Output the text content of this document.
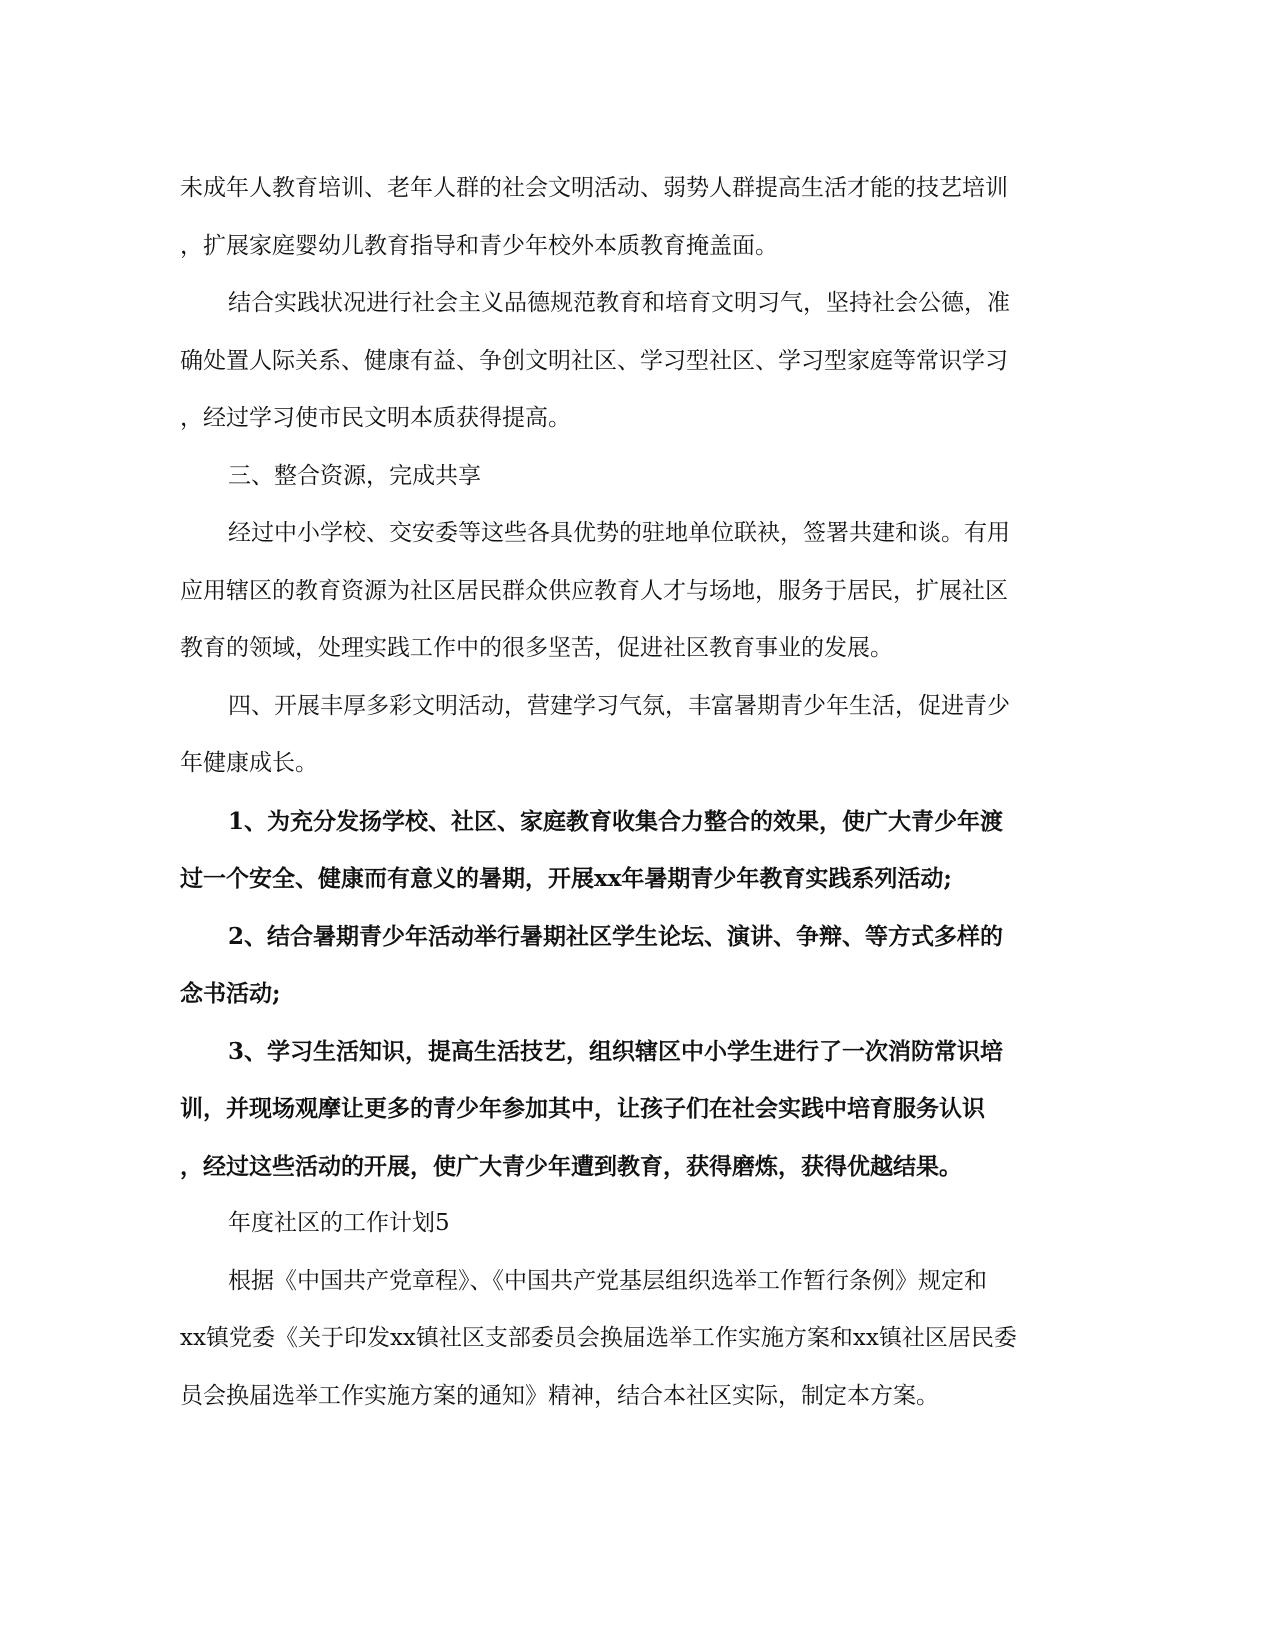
未成年人教育培训、老年人群的社会文明活动、弱势人群提高生活才能的技艺培训
，扩展家庭婴幼儿教育指导和青少年校外本质教育掩盖面。
结合实践状况进行社会主义品德规范教育和培育文明习气，坚持社会公德，准
确处置人际关系、健康有益、争创文明社区、学习型社区、学习型家庭等常识学习
，经过学习使市民文明本质获得提高。
三、整合资源，完成共享
经过中小学校、交安委等这些各具优势的驻地单位联袂，签署共建和谈。有用
应用辖区的教育资源为社区居民群众供应教育人才与场地，服务于居民，扩展社区
教育的领域，处理实践工作中的很多坚苦，促进社区教育事业的发展。
四、开展丰厚多彩文明活动，营建学习气氛，丰富暑期青少年生活，促进青少
年健康成长。
1、为充分发扬学校、社区、家庭教育收集合力整合的效果，使广大青少年渡
过一个安全、健康而有意义的暑期，开展xx年暑期青少年教育实践系列活动;
2、结合暑期青少年活动举行暑期社区学生论坛、演讲、争辩、等方式多样的
念书活动;
3、学习生活知识，提高生活技艺，组织辖区中小学生进行了一次消防常识培
训，并现场观摩让更多的青少年参加其中，让孩子们在社会实践中培育服务认识
，经过这些活动的开展，使广大青少年遭到教育，获得磨炼，获得优越结果。
年度社区的工作计划5
根据《中国共产党章程》、《中国共产党基层组织选举工作暂行条例》规定和
xx镇党委《关于印发xx镇社区支部委员会换届选举工作实施方案和xx镇社区居民委
员会换届选举工作实施方案的通知》精神，结合本社区实际，制定本方案。
